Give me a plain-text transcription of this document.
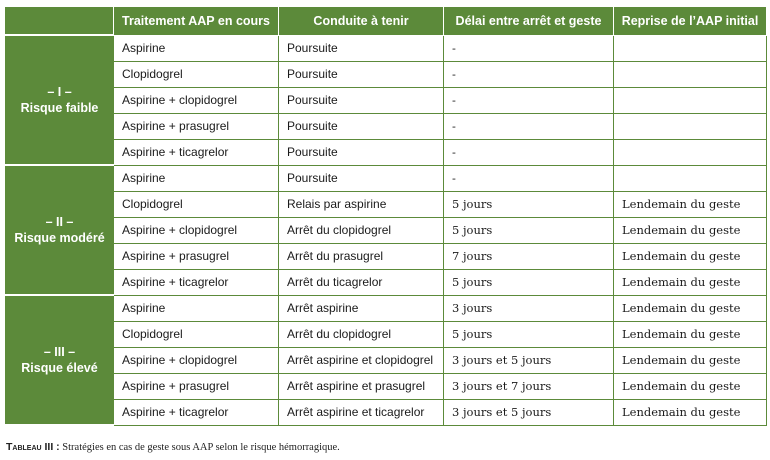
	Traitement AAP en cours	Conduite à tenir	Délai entre arrêt et geste	Reprise de l’AAP initial

– I –
Risque faible	Aspirine	Poursuite	-	
	Clopidogrel	Poursuite	-	
	Aspirine + clopidogrel	Poursuite	-	
	Aspirine + prasugrel	Poursuite	-	
	Aspirine + ticagrelor	Poursuite	-	

– II –
Risque modéré	Aspirine	Poursuite	-	
	Clopidogrel	Relais par aspirine	5 jours	Lendemain du geste
	Aspirine + clopidogrel	Arrêt du clopidogrel	5 jours	Lendemain du geste
	Aspirine + prasugrel	Arrêt du prasugrel	7 jours	Lendemain du geste
	Aspirine + ticagrelor	Arrêt du ticagrelor	5 jours	Lendemain du geste

– III –
Risque élevé	Aspirine	Arrêt aspirine	3 jours	Lendemain du geste
	Clopidogrel	Arrêt du clopidogrel	5 jours	Lendemain du geste
	Aspirine + clopidogrel	Arrêt aspirine et clopidogrel	3 jours et 5 jours	Lendemain du geste
	Aspirine + prasugrel	Arrêt aspirine et prasugrel	3 jours et 7 jours	Lendemain du geste
	Aspirine + ticagrelor	Arrêt aspirine et ticagrelor	3 jours et 5 jours	Lendemain du geste
Tableau III : Stratégies en cas de geste sous AAP selon le risque hémorragique.
